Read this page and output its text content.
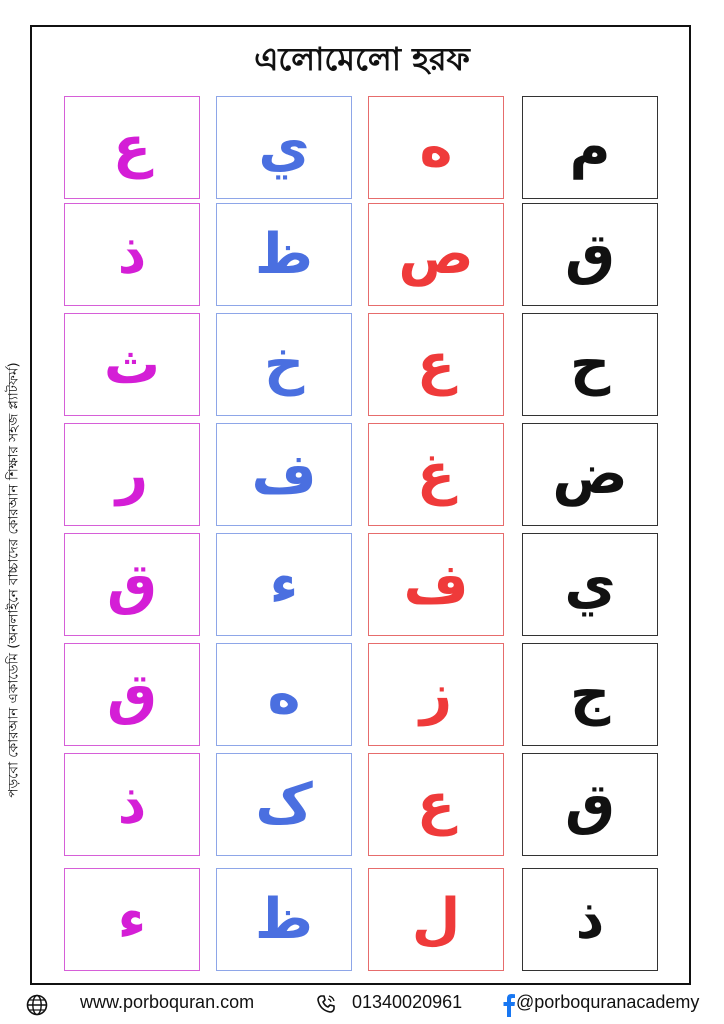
এলোমেলো হরফ
পড়বো কোরআন একাডেমি (অনলাইনে বাচ্চাদের কোরআন শিক্ষার সহজ প্ল্যাটফর্ম)
ع
ذ
ث
ر
ق
ق
ذ
ء
ي
ظ
خ
ف
ء
ه
ک
ظ
ه
ص
ع
غ
ف
ز
ع
ل
م
ق
ح
ض
ي
ج
ق
ذ
www.porboquran.com	01340020961	@porboquranacademy
